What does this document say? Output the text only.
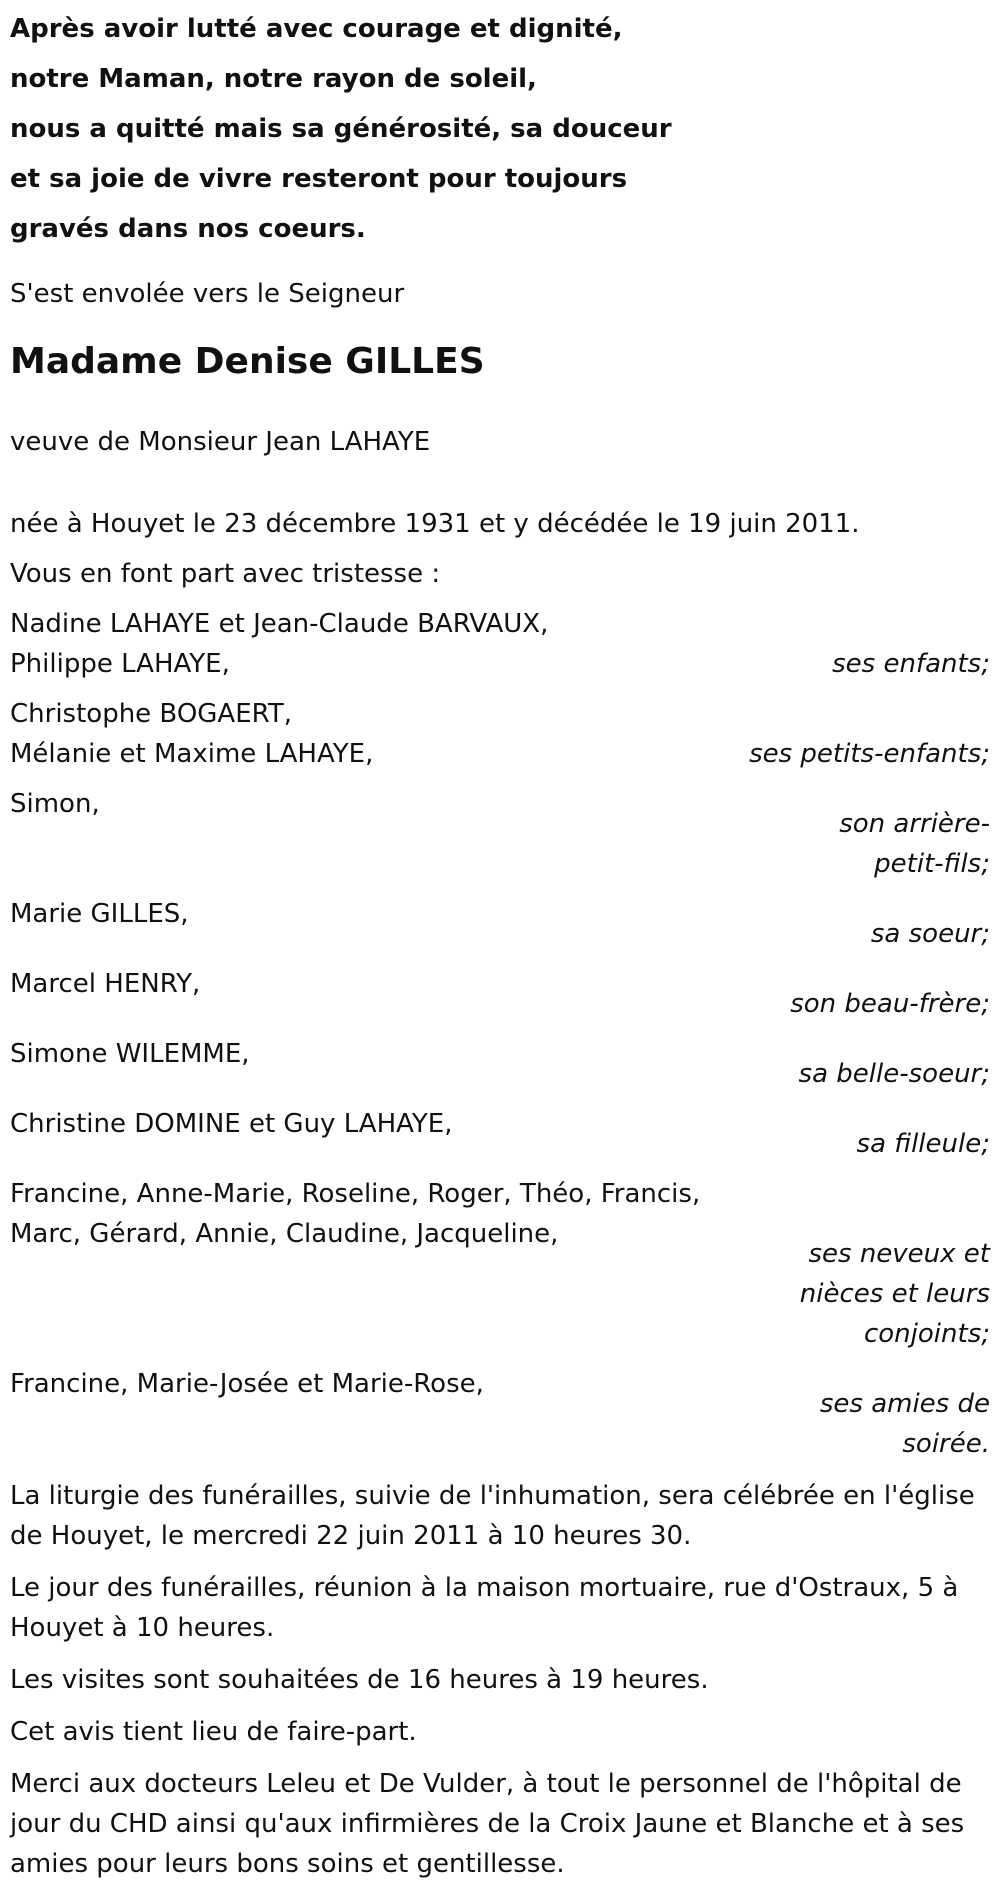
Après avoir lutté avec courage et dignité,
notre Maman, notre rayon de soleil,
nous a quitté mais sa générosité, sa douceur
et sa joie de vivre resteront pour toujours
gravés dans nos coeurs.

S'est envolée vers le Seigneur

Madame Denise GILLES

veuve de Monsieur Jean LAHAYE

née à Houyet le 23 décembre 1931 et y décédée le 19 juin 2011.

Vous en font part avec tristesse :

Nadine LAHAYE et Jean-Claude BARVAUX,
Philippe LAHAYE,	ses enfants;
Christophe BOGAERT,
Mélanie et Maxime LAHAYE,	ses petits-enfants;
Simon,
son arrière-
petit-fils;
Marie GILLES,
sa soeur;
Marcel HENRY,
son beau-frère;
Simone WILEMME,
sa belle-soeur;
Christine DOMINE et Guy LAHAYE,
sa filleule;
Francine, Anne-Marie, Roseline, Roger, Théo, Francis,
Marc, Gérard, Annie, Claudine, Jacqueline,
ses neveux et
nièces et leurs
conjoints;
Francine, Marie-Josée et Marie-Rose,
ses amies de soirée.

La liturgie des funérailles, suivie de l'inhumation, sera célébrée en l'église de Houyet, le mercredi 22 juin 2011 à 10 heures 30.

Le jour des funérailles, réunion à la maison mortuaire, rue d'Ostraux, 5 à Houyet à 10 heures.

Les visites sont souhaitées de 16 heures à 19 heures.

Cet avis tient lieu de faire-part.

Merci aux docteurs Leleu et De Vulder, à tout le personnel de l'hôpital de jour du CHD ainsi qu'aux infirmières de la Croix Jaune et Blanche et à ses amies pour leurs bons soins et gentillesse.
